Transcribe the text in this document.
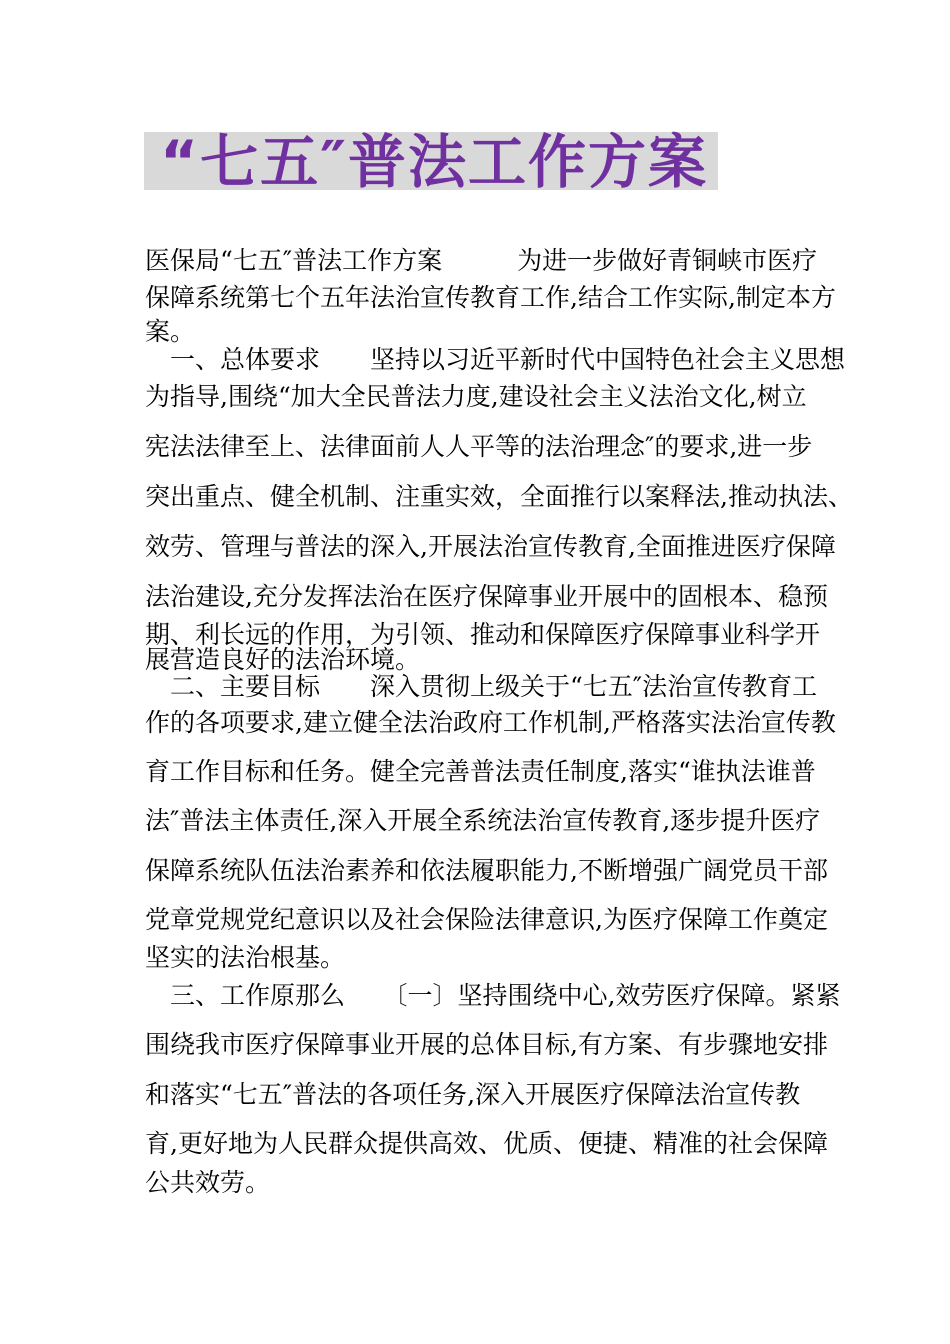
“七五″普法工作方案
医保局“七五″普法工作方案　　　为进一步做好青铜峡市医疗
保障系统第七个五年法治宣传教育工作,结合工作实际,制定本方
案。
　一、总体要求　　坚持以习近平新时代中国特色社会主义思想
为指导,围绕“加大全民普法力度,建设社会主义法治文化,树立
宪法法律至上、法律面前人人平等的法治理念″的要求,进一步
突出重点、健全机制、注重实效，全面推行以案释法,推动执法、
效劳、管理与普法的深入,开展法治宣传教育,全面推进医疗保障
法治建设,充分发挥法治在医疗保障事业开展中的固根本、稳预
期、利长远的作用，为引领、推动和保障医疗保障事业科学开
展营造良好的法治环境。
　二、主要目标　　深入贯彻上级关于“七五″法治宣传教育工
作的各项要求,建立健全法治政府工作机制,严格落实法治宣传教
育工作目标和任务。健全完善普法责任制度,落实“谁执法谁普
法″普法主体责任,深入开展全系统法治宣传教育,逐步提升医疗
保障系统队伍法治素养和依法履职能力,不断增强广阔党员干部
党章党规党纪意识以及社会保险法律意识,为医疗保障工作奠定
坚实的法治根基。
　三、工作原那么　　〔一〕坚持围绕中心,效劳医疗保障。紧紧
围绕我市医疗保障事业开展的总体目标,有方案、有步骤地安排
和落实“七五″普法的各项任务,深入开展医疗保障法治宣传教
育,更好地为人民群众提供高效、优质、便捷、精准的社会保障
公共效劳。
